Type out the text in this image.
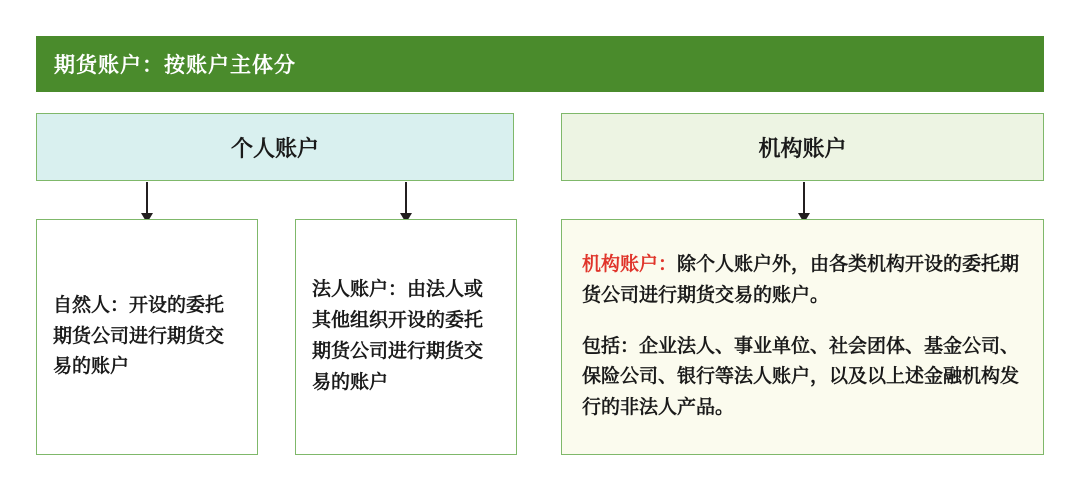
期货账户：按账户主体分
个人账户	机构账户
自然人：开设的委托期货公司进行期货交易的账户
法人账户：由法人或其他组织开设的委托期货公司进行期货交易的账户

机构账户：除个人账户外，由各类机构开设的委托期货公司进行期货交易的账户。

包括：企业法人、事业单位、社会团体、基金公司、保险公司、银行等法人账户，以及以上述金融机构发行的非法人产品。
